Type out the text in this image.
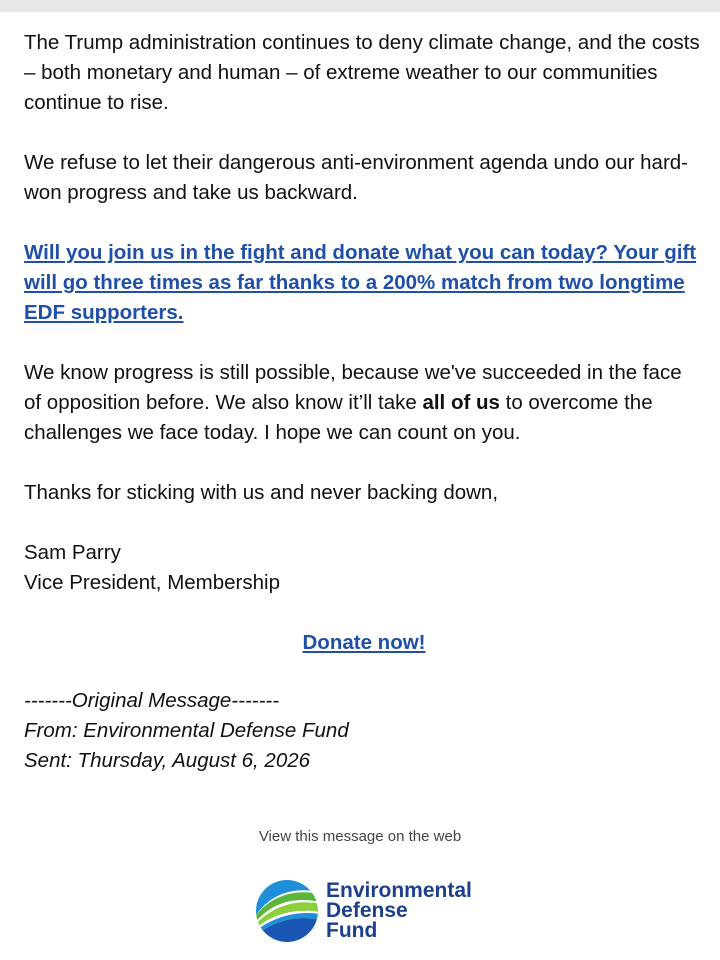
The Trump administration continues to deny climate change, and the costs – both monetary and human – of extreme weather to our communities continue to rise.

We refuse to let their dangerous anti-environment agenda undo our hard-won progress and take us backward.

Will you join us in the fight and donate what you can today? Your gift will go three times as far thanks to a 200% match from two longtime EDF supporters.

We know progress is still possible, because we've succeeded in the face of opposition before. We also know it’ll take all of us to overcome the challenges we face today. I hope we can count on you.

Thanks for sticking with us and never backing down,

Sam Parry
Vice President, Membership
Donate now!
-------Original Message-------
From: Environmental Defense Fund
Sent: Thursday, August 6, 2026
View this message on the web
Environmental
Defense
Fund
